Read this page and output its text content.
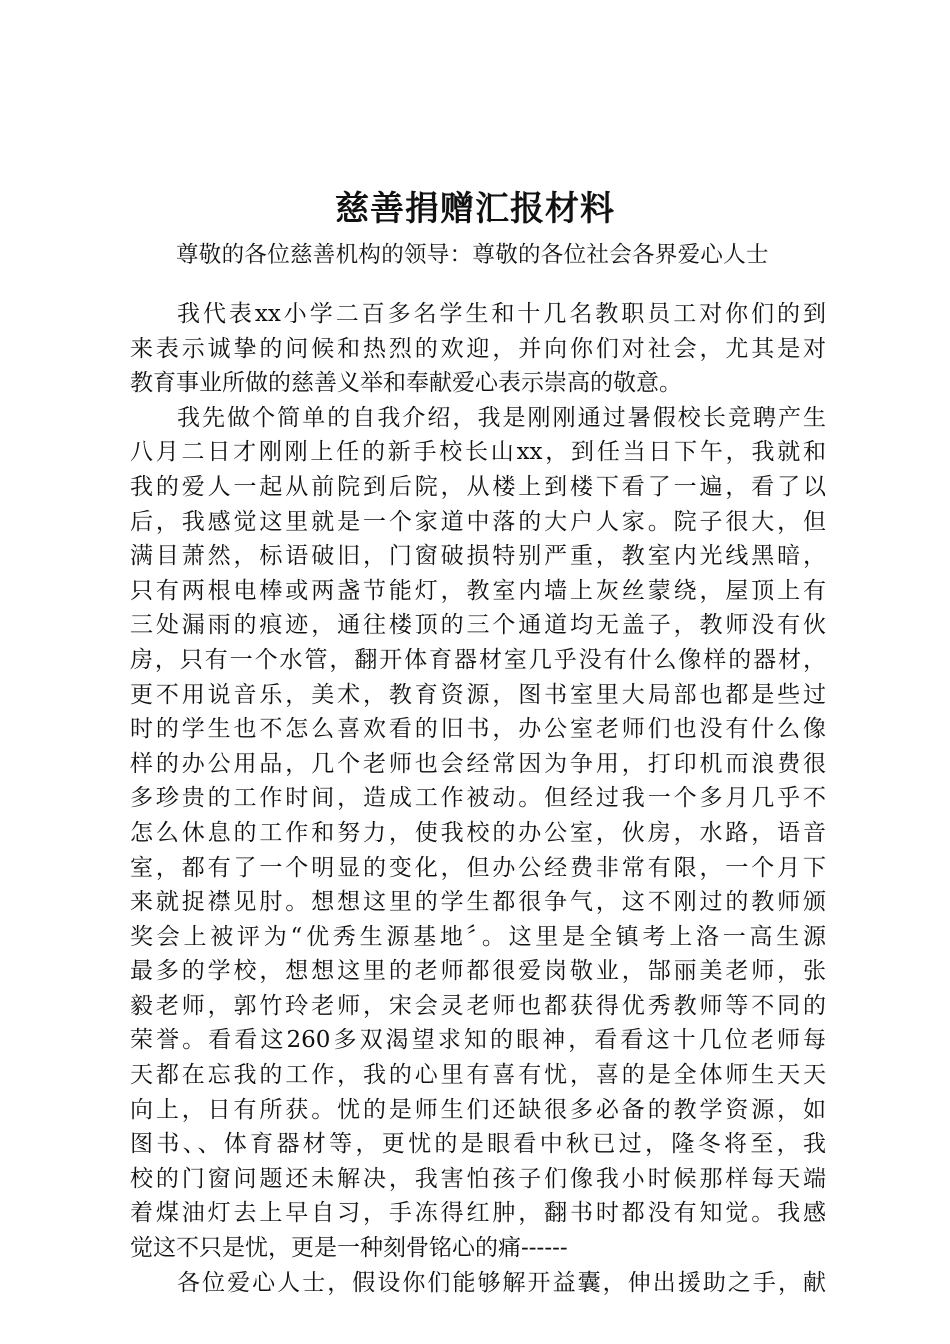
慈善捐赠汇报材料
尊敬的各位慈善机构的领导：尊敬的各位社会各界爱心人士
我代表xx小学二百多名学生和十几名教职员工对你们的到
来表示诚挚的问候和热烈的欢迎，并向你们对社会，尤其是对
教育事业所做的慈善义举和奉献爱心表示崇高的敬意。
我先做个简单的自我介绍，我是刚刚通过暑假校长竞聘产生
八月二日才刚刚上任的新手校长山xx，到任当日下午，我就和
我的爱人一起从前院到后院，从楼上到楼下看了一遍，看了以
后，我感觉这里就是一个家道中落的大户人家。院子很大，但
满目萧然，标语破旧，门窗破损特别严重，教室内光线黑暗，
只有两根电棒或两盏节能灯，教室内墙上灰丝蒙绕，屋顶上有
三处漏雨的痕迹，通往楼顶的三个通道均无盖子，教师没有伙
房，只有一个水管，翻开体育器材室几乎没有什么像样的器材，
更不用说音乐，美术，教育资源，图书室里大局部也都是些过
时的学生也不怎么喜欢看的旧书，办公室老师们也没有什么像
样的办公用品，几个老师也会经常因为争用，打印机而浪费很
多珍贵的工作时间，造成工作被动。但经过我一个多月几乎不
怎么休息的工作和努力，使我校的办公室，伙房，水路，语音
室，都有了一个明显的变化，但办公经费非常有限，一个月下
来就捉襟见肘。想想这里的学生都很争气，这不刚过的教师颁
奖会上被评为“优秀生源基地〞。这里是全镇考上洛一高生源
最多的学校，想想这里的老师都很爱岗敬业，郜丽美老师，张
毅老师，郭竹玲老师，宋会灵老师也都获得优秀教师等不同的
荣誉。看看这260多双渴望求知的眼神，看看这十几位老师每
天都在忘我的工作，我的心里有喜有忧，喜的是全体师生天天
向上，日有所获。忧的是师生们还缺很多必备的教学资源，如
图书、、体育器材等，更忧的是眼看中秋已过，隆冬将至，我
校的门窗问题还未解决，我害怕孩子们像我小时候那样每天端
着煤油灯去上早自习，手冻得红肿，翻书时都没有知觉。我感
觉这不只是忧，更是一种刻骨铭心的痛------
各位爱心人士，假设你们能够解开益囊，伸出援助之手，献
